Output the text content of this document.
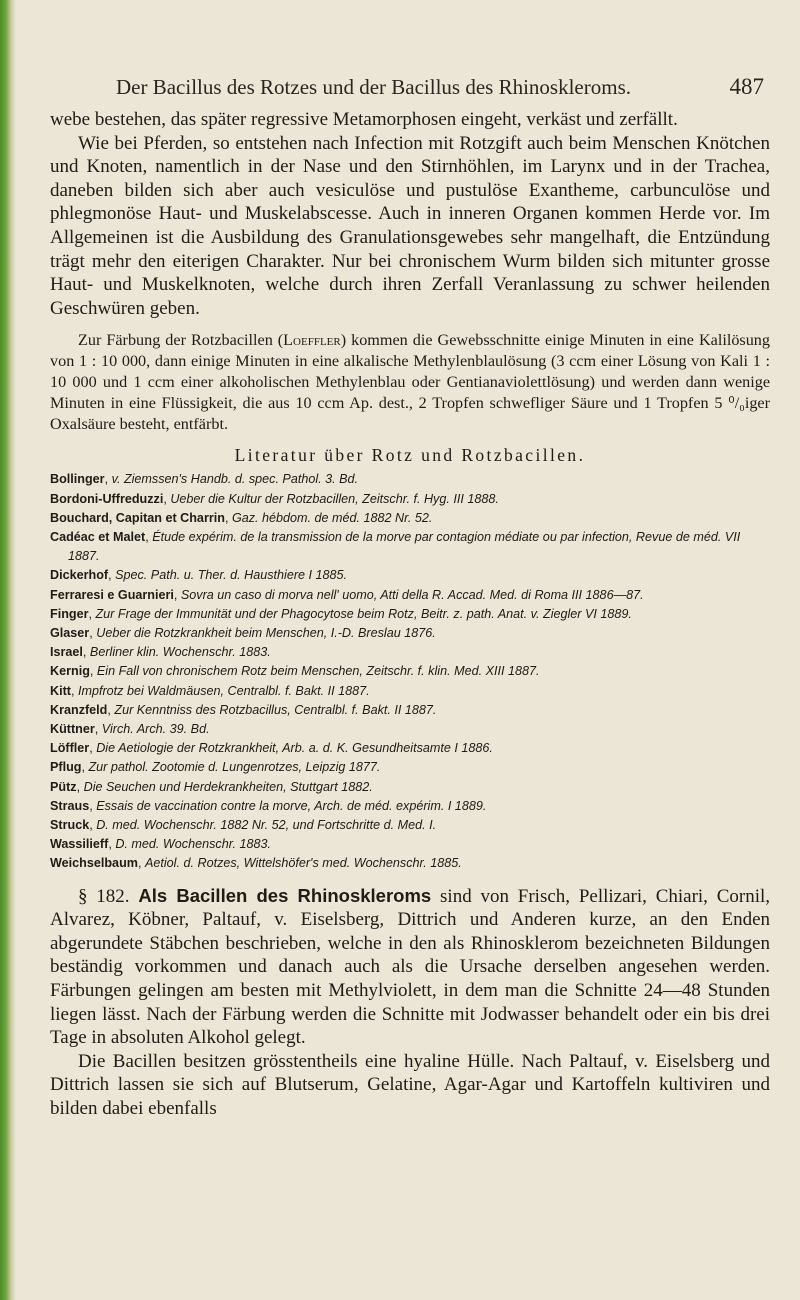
Der Bacillus des Rotzes und der Bacillus des Rhinoskleroms.	487

webe bestehen, das später regressive Metamorphosen eingeht, verkäst und zerfällt.

Wie bei Pferden, so entstehen nach Infection mit Rotzgift auch beim Menschen Knötchen und Knoten, namentlich in der Nase und den Stirnhöhlen, im Larynx und in der Trachea, daneben bilden sich aber auch vesiculöse und pustulöse Exantheme, carbunculöse und phlegmonöse Haut- und Muskelabscesse. Auch in inneren Organen kommen Herde vor. Im Allgemeinen ist die Ausbildung des Granulationsgewebes sehr mangelhaft, die Entzündung trägt mehr den eiterigen Charakter. Nur bei chronischem Wurm bilden sich mitunter grosse Haut- und Muskelknoten, welche durch ihren Zerfall Veranlassung zu schwer heilenden Geschwüren geben.

Zur Färbung der Rotzbacillen (Loeffler) kommen die Gewebsschnitte einige Minuten in eine Kalilösung von 1 : 10 000, dann einige Minuten in eine alkalische Methylenblaulösung (3 ccm einer Lösung von Kali 1 : 10 000 und 1 ccm einer alkoholischen Methylenblau oder Gentianaviolettlösung) und werden dann wenige Minuten in eine Flüssigkeit, die aus 10 ccm Ap. dest., 2 Tropfen schwefliger Säure und 1 Tropfen 5 ⁰/₀iger Oxalsäure besteht, entfärbt.

Literatur über Rotz und Rotzbacillen.
Bollinger, v. Ziemssen's Handb. d. spec. Pathol. 3. Bd.
Bordoni-Uffreduzzi, Ueber die Kultur der Rotzbacillen, Zeitschr. f. Hyg. III 1888.
Bouchard, Capitan et Charrin, Gaz. hébdom. de méd. 1882 Nr. 52.
Cadéac et Malet, Étude expérim. de la transmission de la morve par contagion médiate ou par infection, Revue de méd. VII 1887.
Dickerhof, Spec. Path. u. Ther. d. Hausthiere I 1885.
Ferraresi e Guarnieri, Sovra un caso di morva nell' uomo, Atti della R. Accad. Med. di Roma III 1886—87.
Finger, Zur Frage der Immunität und der Phagocytose beim Rotz, Beitr. z. path. Anat. v. Ziegler VI 1889.
Glaser, Ueber die Rotzkrankheit beim Menschen, I.-D. Breslau 1876.
Israel, Berliner klin. Wochenschr. 1883.
Kernig, Ein Fall von chronischem Rotz beim Menschen, Zeitschr. f. klin. Med. XIII 1887.
Kitt, Impfrotz bei Waldmäusen, Centralbl. f. Bakt. II 1887.
Kranzfeld, Zur Kenntniss des Rotzbacillus, Centralbl. f. Bakt. II 1887.
Küttner, Virch. Arch. 39. Bd.
Löffler, Die Aetiologie der Rotzkrankheit, Arb. a. d. K. Gesundheitsamte I 1886.
Pflug, Zur pathol. Zootomie d. Lungenrotzes, Leipzig 1877.
Pütz, Die Seuchen und Herdekrankheiten, Stuttgart 1882.
Straus, Essais de vaccination contre la morve, Arch. de méd. expérim. I 1889.
Struck, D. med. Wochenschr. 1882 Nr. 52, und Fortschritte d. Med. I.
Wassilieff, D. med. Wochenschr. 1883.
Weichselbaum, Aetiol. d. Rotzes, Wittelshöfer's med. Wochenschr. 1885.

§ 182. Als Bacillen des Rhinoskleroms sind von Frisch, Pellizari, Chiari, Cornil, Alvarez, Köbner, Paltauf, v. Eiselsberg, Dittrich und Anderen kurze, an den Enden abgerundete Stäbchen beschrieben, welche in den als Rhinosklerom bezeichneten Bildungen beständig vorkommen und danach auch als die Ursache derselben angesehen werden. Färbungen gelingen am besten mit Methylviolett, in dem man die Schnitte 24—48 Stunden liegen lässt. Nach der Färbung werden die Schnitte mit Jodwasser behandelt oder ein bis drei Tage in absoluten Alkohol gelegt.

Die Bacillen besitzen grösstentheils eine hyaline Hülle. Nach Paltauf, v. Eiselsberg und Dittrich lassen sie sich auf Blutserum, Gelatine, Agar-Agar und Kartoffeln kultiviren und bilden dabei ebenfalls
